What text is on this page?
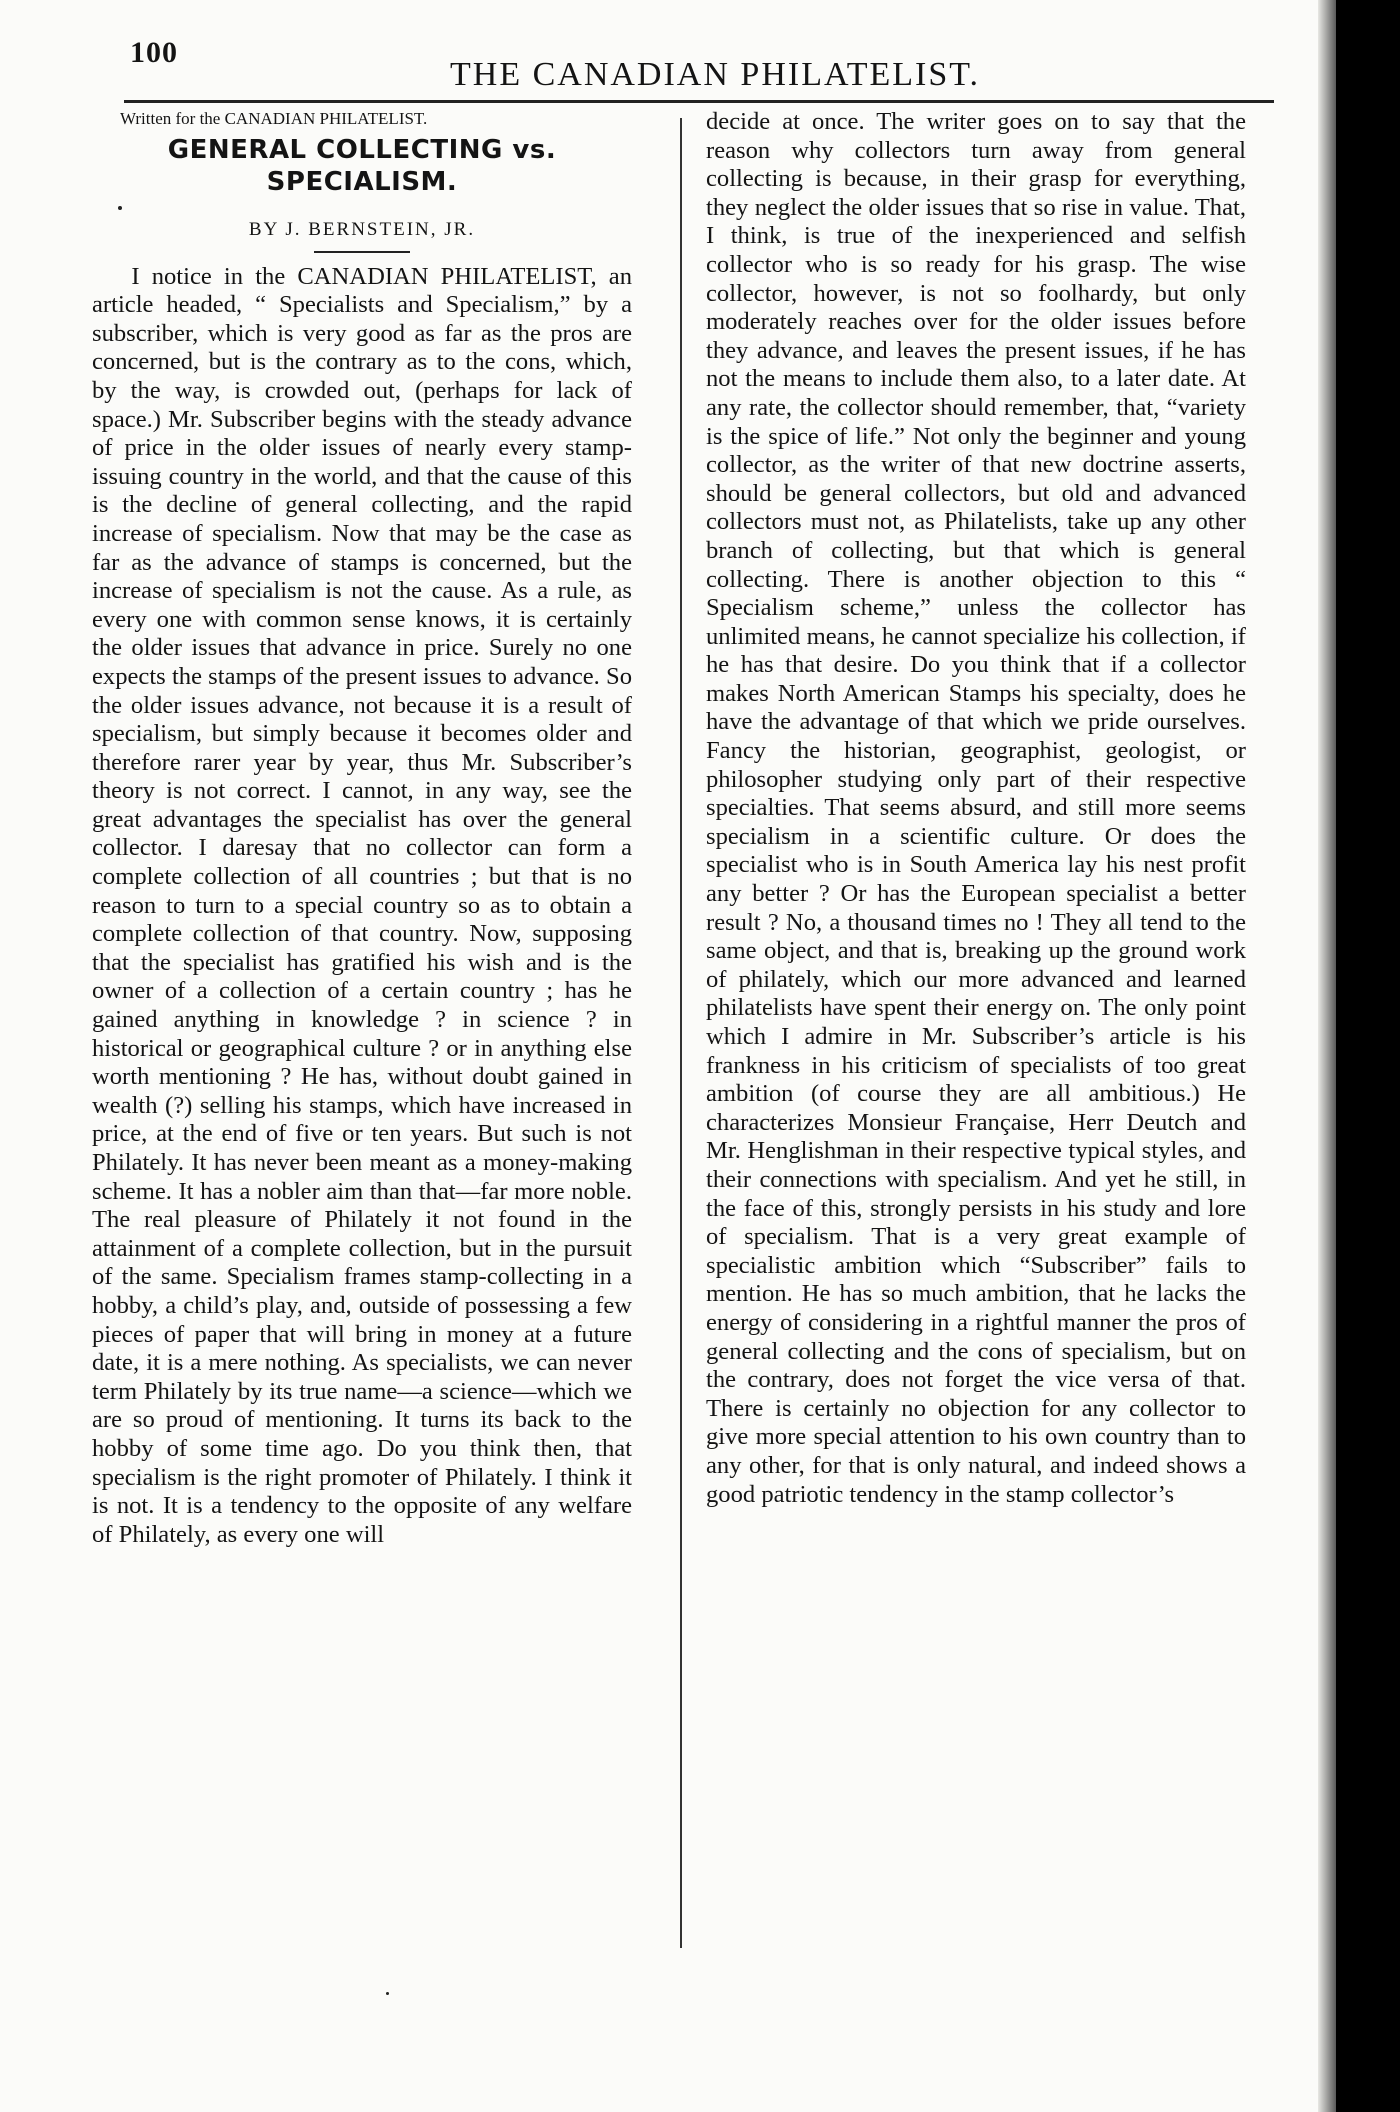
100
THE CANADIAN PHILATELIST.
Written for the CANADIAN PHILATELIST.
GENERAL COLLECTING vs.
SPECIALISM.
BY J. BERNSTEIN, JR.

I notice in the CANADIAN PHILATELIST, an article headed, “ Specialists and Specialism,” by a subscriber, which is very good as far as the pros are concerned, but is the contrary as to the cons, which, by the way, is crowded out, (perhaps for lack of space.) Mr. Subscriber begins with the steady advance of price in the older issues of nearly every stamp-issuing country in the world, and that the cause of this is the decline of general collecting, and the rapid increase of specialism. Now that may be the case as far as the advance of stamps is concerned, but the increase of specialism is not the cause. As a rule, as every one with common sense knows, it is certainly the older issues that advance in price. Surely no one expects the stamps of the present issues to advance. So the older issues advance, not because it is a result of specialism, but simply because it becomes older and therefore rarer year by year, thus Mr. Subscriber’s theory is not correct. I cannot, in any way, see the great advantages the specialist has over the general collector. I daresay that no collector can form a complete collection of all countries ; but that is no reason to turn to a special country so as to obtain a complete collection of that country. Now, supposing that the specialist has gratified his wish and is the owner of a collection of a certain country ; has he gained anything in knowledge ? in science ? in historical or geographical culture ? or in anything else worth mentioning ? He has, without doubt gained in wealth (?) selling his stamps, which have increased in price, at the end of five or ten years. But such is not Philately. It has never been meant as a money-making scheme. It has a nobler aim than that—far more noble. The real pleasure of Philately it not found in the attainment of a complete collection, but in the pursuit of the same. Specialism frames stamp-collecting in a hobby, a child’s play, and, outside of possessing a few pieces of paper that will bring in money at a future date, it is a mere nothing. As specialists, we can never term Philately by its true name—a science—which we are so proud of mentioning. It turns its back to the hobby of some time ago. Do you think then, that specialism is the right promoter of Philately. I think it is not. It is a tendency to the opposite of any welfare of Philately, as every one will

decide at once. The writer goes on to say that the reason why collectors turn away from general collecting is because, in their grasp for everything, they neglect the older issues that so rise in value. That, I think, is true of the inexperienced and selfish collector who is so ready for his grasp. The wise collector, however, is not so foolhardy, but only moderately reaches over for the older issues before they advance, and leaves the present issues, if he has not the means to include them also, to a later date. At any rate, the collector should remember, that, “variety is the spice of life.” Not only the beginner and young collector, as the writer of that new doctrine asserts, should be general collectors, but old and advanced collectors must not, as Philatelists, take up any other branch of collecting, but that which is general collecting. There is another objection to this “ Specialism scheme,” unless the collector has unlimited means, he cannot specialize his collection, if he has that desire. Do you think that if a collector makes North American Stamps his specialty, does he have the advantage of that which we pride ourselves. Fancy the historian, geographist, geologist, or philosopher studying only part of their respective specialties. That seems absurd, and still more seems specialism in a scientific culture. Or does the specialist who is in South America lay his nest profit any better ? Or has the European specialist a better result ? No, a thousand times no ! They all tend to the same object, and that is, breaking up the ground work of philately, which our more advanced and learned philatelists have spent their energy on. The only point which I admire in Mr. Subscriber’s article is his frankness in his criticism of specialists of too great ambition (of course they are all ambitious.) He characterizes Monsieur Française, Herr Deutch and Mr. Henglishman in their respective typical styles, and their connections with specialism. And yet he still, in the face of this, strongly persists in his study and lore of specialism. That is a very great example of specialistic ambition which “Subscriber” fails to mention. He has so much ambition, that he lacks the energy of considering in a rightful manner the pros of general collecting and the cons of specialism, but on the contrary, does not forget the vice versa of that. There is certainly no objection for any collector to give more special attention to his own country than to any other, for that is only natural, and indeed shows a good patriotic tendency in the stamp collector’s
